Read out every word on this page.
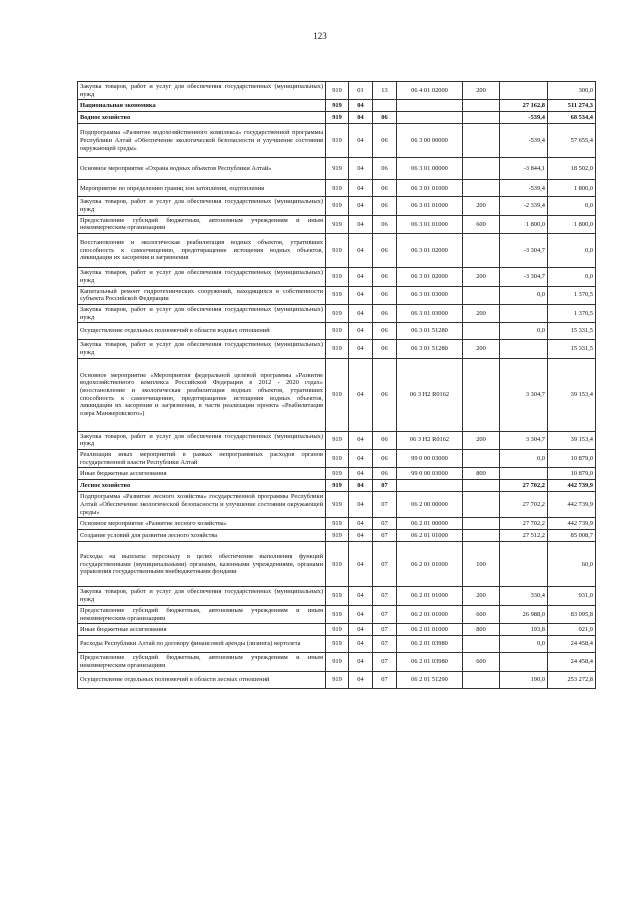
123
Закупка товаров, работ и услуг для обеспечения государственных (муниципальных) нужд	919	01	13	06 4 01 02000	200		300,0
Национальная экономика	919	04				27 162,8	511 274,3
Водное хозяйство	919	04	06			-539,4	68 534,4
Подпрограмма «Развитие водохозяйственного комплекса» государственной программы Республики Алтай «Обеспечение экологической безопасности и улучшение состояния окружающей среды»	919	04	06	06 3 00 00000		-539,4	57 655,4
Основное мероприятие «Охрана водных объектов Республики Алтай»	919	04	06	06 3 01 00000		-3 844,1	18 502,0
Мероприятие по определению границ зон затопления, подтопления	919	04	06	06 3 01 01000		-539,4	1 800,0
Закупка товаров, работ и услуг для обеспечения государственных (муниципальных) нужд	919	04	06	06 3 01 01000	200	-2 339,4	0,0
Предоставление субсидий бюджетным, автономным учреждениям и иным некоммерческим организациям	919	04	06	06 3 01 01000	600	1 800,0	1 800,0
Восстановление и экологическая реабилитация водных объектов, утративших способность к самоочищению, предотвращение истощения водных объектов, ликвидация их засорения и загрязнения	919	04	06	06 3 01 02000		-3 304,7	0,0
Закупка товаров, работ и услуг для обеспечения государственных (муниципальных) нужд	919	04	06	06 3 01 02000	200	-3 304,7	0,0
Капитальный ремонт гидротехнических сооружений, находящихся в собственности субъекта Российской Федерации	919	04	06	06 3 01 03000		0,0	1 370,5
Закупка товаров, работ и услуг для обеспечения государственных (муниципальных) нужд	919	04	06	06 3 01 03000	200		1 370,5
Осуществление отдельных полномочий в области водных отношений	919	04	06	06 3 01 51280		0,0	15 331,5
Закупка товаров, работ и услуг для обеспечения государственных (муниципальных) нужд	919	04	06	06 3 01 51280	200		15 331,5
Основное мероприятие «Мероприятия федеральной целевой программы «Развитие водохозяйственного комплекса Российской Федерации в 2012 - 2020 годах» (восстановление и экологическая реабилитация водных объектов, утративших способность к самоочищению, предотвращение истощения водных объектов, ликвидация их засорения и загрязнения, в части реализации проекта «Реабилитация озера Манжерокского»)	919	04	06	06 3 H2 R0162		3 304,7	39 153,4
Закупка товаров, работ и услуг для обеспечения государственных (муниципальных) нужд	919	04	06	06 3 H2 R0162	200	3 304,7	39 153,4
Реализация иных мероприятий в рамках непрограммных расходов органов государственной власти Республики Алтай	919	04	06	99 0 00 03000		0,0	10 879,0
Иные бюджетные ассигнования	919	04	06	99 0 00 03000	800		10 879,0
Лесное хозяйство	919	04	07			27 702,2	442 739,9
Подпрограмма «Развитие лесного хозяйства» государственной программы Республики Алтай «Обеспечение экологической безопасности и улучшение состояния окружающей среды»	919	04	07	06 2 00 00000		27 702,2	442 739,9
Основное мероприятие «Развитие лесного хозяйства»	919	04	07	06 2 01 00000		27 702,2	442 739,9
Создание условий для развития лесного хозяйства	919	04	07	06 2 01 01000		27 512,2	85 008,7
Расходы на выплаты персоналу в целях обеспечения выполнения функций государственными (муниципальными) органами, казенными учреждениями, органами управления государственными внебюджетными фондами	919	04	07	06 2 01 01000	100		60,0
Закупка товаров, работ и услуг для обеспечения государственных (муниципальных) нужд	919	04	07	06 2 01 01000	200	330,4	931,0
Предоставление субсидий бюджетным, автономным учреждениям и иным некоммерческим организациям	919	04	07	06 2 01 01000	600	26 988,0	83 095,8
Иные бюджетные ассигнования	919	04	07	06 2 01 01000	800	193,8	921,9
Расходы Республики Алтай по договору финансовой аренды (лизинга) вертолета	919	04	07	06 2 01 03980		0,0	24 458,4
Предоставление субсидий бюджетным, автономным учреждениям и иным некоммерческим организациям	919	04	07	06 2 01 03980	600		24 458,4
Осуществление отдельных полномочий в области лесных отношений	919	04	07	06 2 01 51290		190,0	253 272,8
